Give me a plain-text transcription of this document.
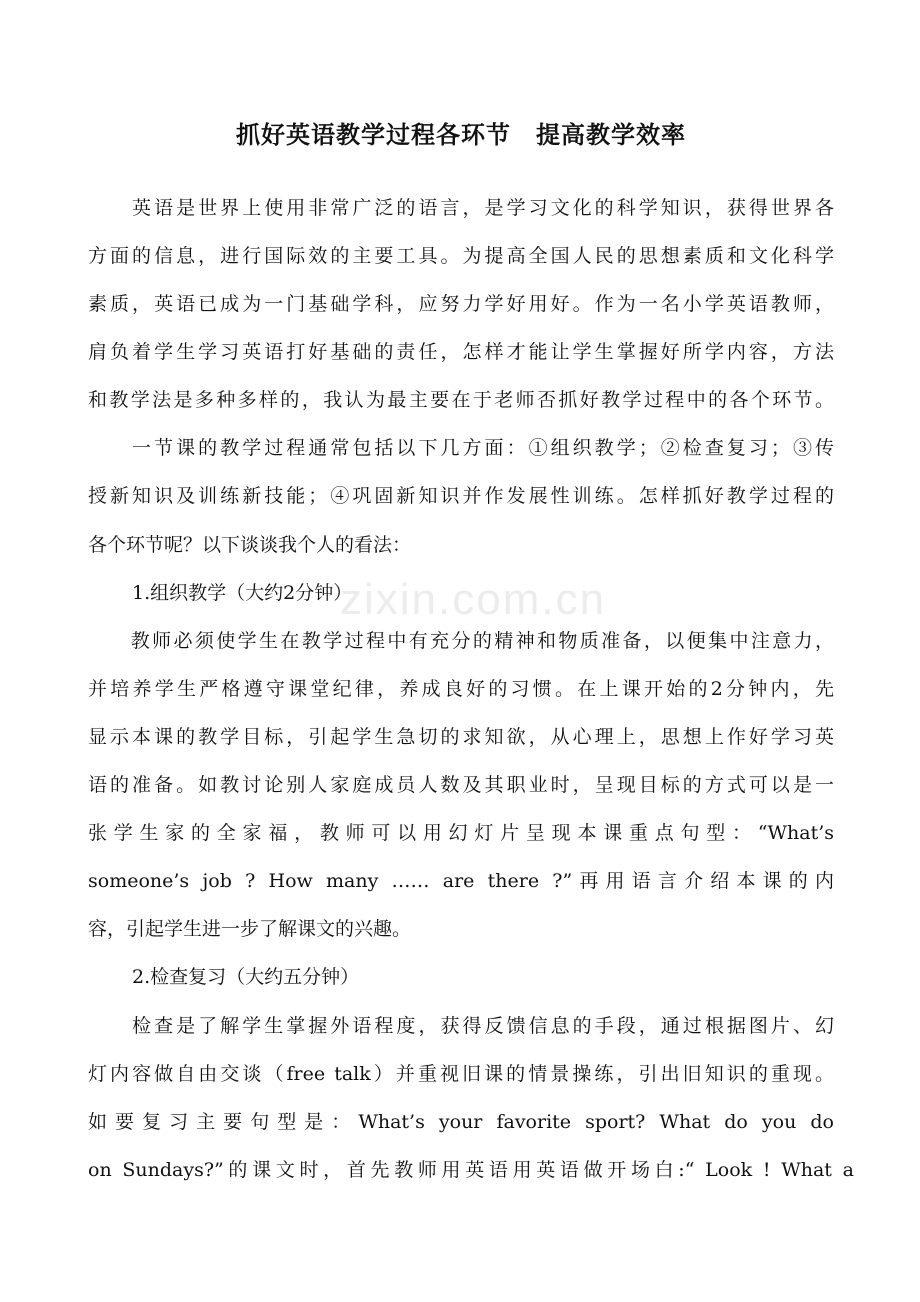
zixin.com.cn
抓好英语教学过程各环节　提高教学效率
　　英语是世界上使用非常广泛的语言，是学习文化的科学知识，获得世界各
方面的信息，进行国际效的主要工具。为提高全国人民的思想素质和文化科学
素质，英语已成为一门基础学科，应努力学好用好。作为一名小学英语教师，
肩负着学生学习英语打好基础的责任，怎样才能让学生掌握好所学内容，方法
和教学法是多种多样的，我认为最主要在于老师否抓好教学过程中的各个环节。
　　一节课的教学过程通常包括以下几方面：①组织教学；②检查复习；③传
授新知识及训练新技能；④巩固新知识并作发展性训练。怎样抓好教学过程的
各个环节呢？以下谈谈我个人的看法：
　　 1.组织教学（大约2分钟）
　　教师必须使学生在教学过程中有充分的精神和物质准备，以便集中注意力，
并培养学生严格遵守课堂纪律，养成良好的习惯。在上课开始的2分钟内，先
显示本课的教学目标，引起学生急切的求知欲，从心理上，思想上作好学习英
语的准备。如教讨论别人家庭成员人数及其职业时，呈现目标的方式可以是一
张学生家的全家福，教师可以用幻灯片呈现本课重点句型：“What’s
someone’s job ? How many …… are there ?”再用语言介绍本课的内
容，引起学生进一步了解课文的兴趣。
　　 2.检查复习（大约五分钟）
　　检查是了解学生掌握外语程度，获得反馈信息的手段，通过根据图片、幻
灯内容做自由交谈（free talk）并重视旧课的情景操练，引出旧知识的重现。
如要复习主要句型是：What’s your favorite sport? What do you do
on Sundays?”的课文时，首先教师用英语用英语做开场白:“ Look ! What a
